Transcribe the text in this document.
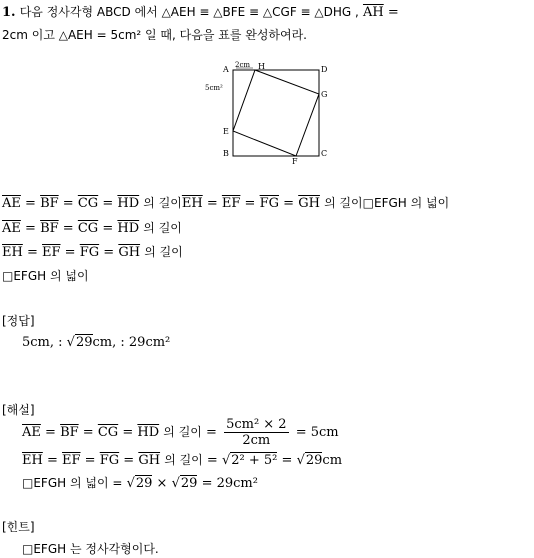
1. 다음 정사각형 ABCD 에서 △AEH ≡ △BFE ≡ △CGF ≡ △DHG , $\overline{AH}$ =
2cm 이고 △AEH = 5cm² 일 때, 다음을 표를 완성하여라.
A	H	D
G
C
F
B
E
2cm
5cm²
$\overline{AE} = \overline{BF} = \overline{CG} = \overline{HD}$ 의 길이$\overline{EH} = \overline{EF} = \overline{FG} = \overline{GH}$ 의 길이□EFGH 의 넓이
$\overline{AE} = \overline{BF} = \overline{CG} = \overline{HD}$ 의 길이
$\overline{EH} = \overline{EF} = \overline{FG} = \overline{GH}$ 의 길이
□EFGH 의 넓이
[정답]
5cm, : √29cm, : 29cm²
[해설]
$\overline{AE} = \overline{BF} = \overline{CG} = \overline{HD}$ 의 길이 = $\frac{\text{5cm² × 2}}{2cm} = 5cm$
$\overline{EH} = \overline{EF} = \overline{FG} = \overline{GH}$ 의 길이 = √2² + 5² = √29cm
□EFGH 의 넓이 = √29 × √29 = 29cm²
[힌트]
□EFGH 는 정사각형이다.
